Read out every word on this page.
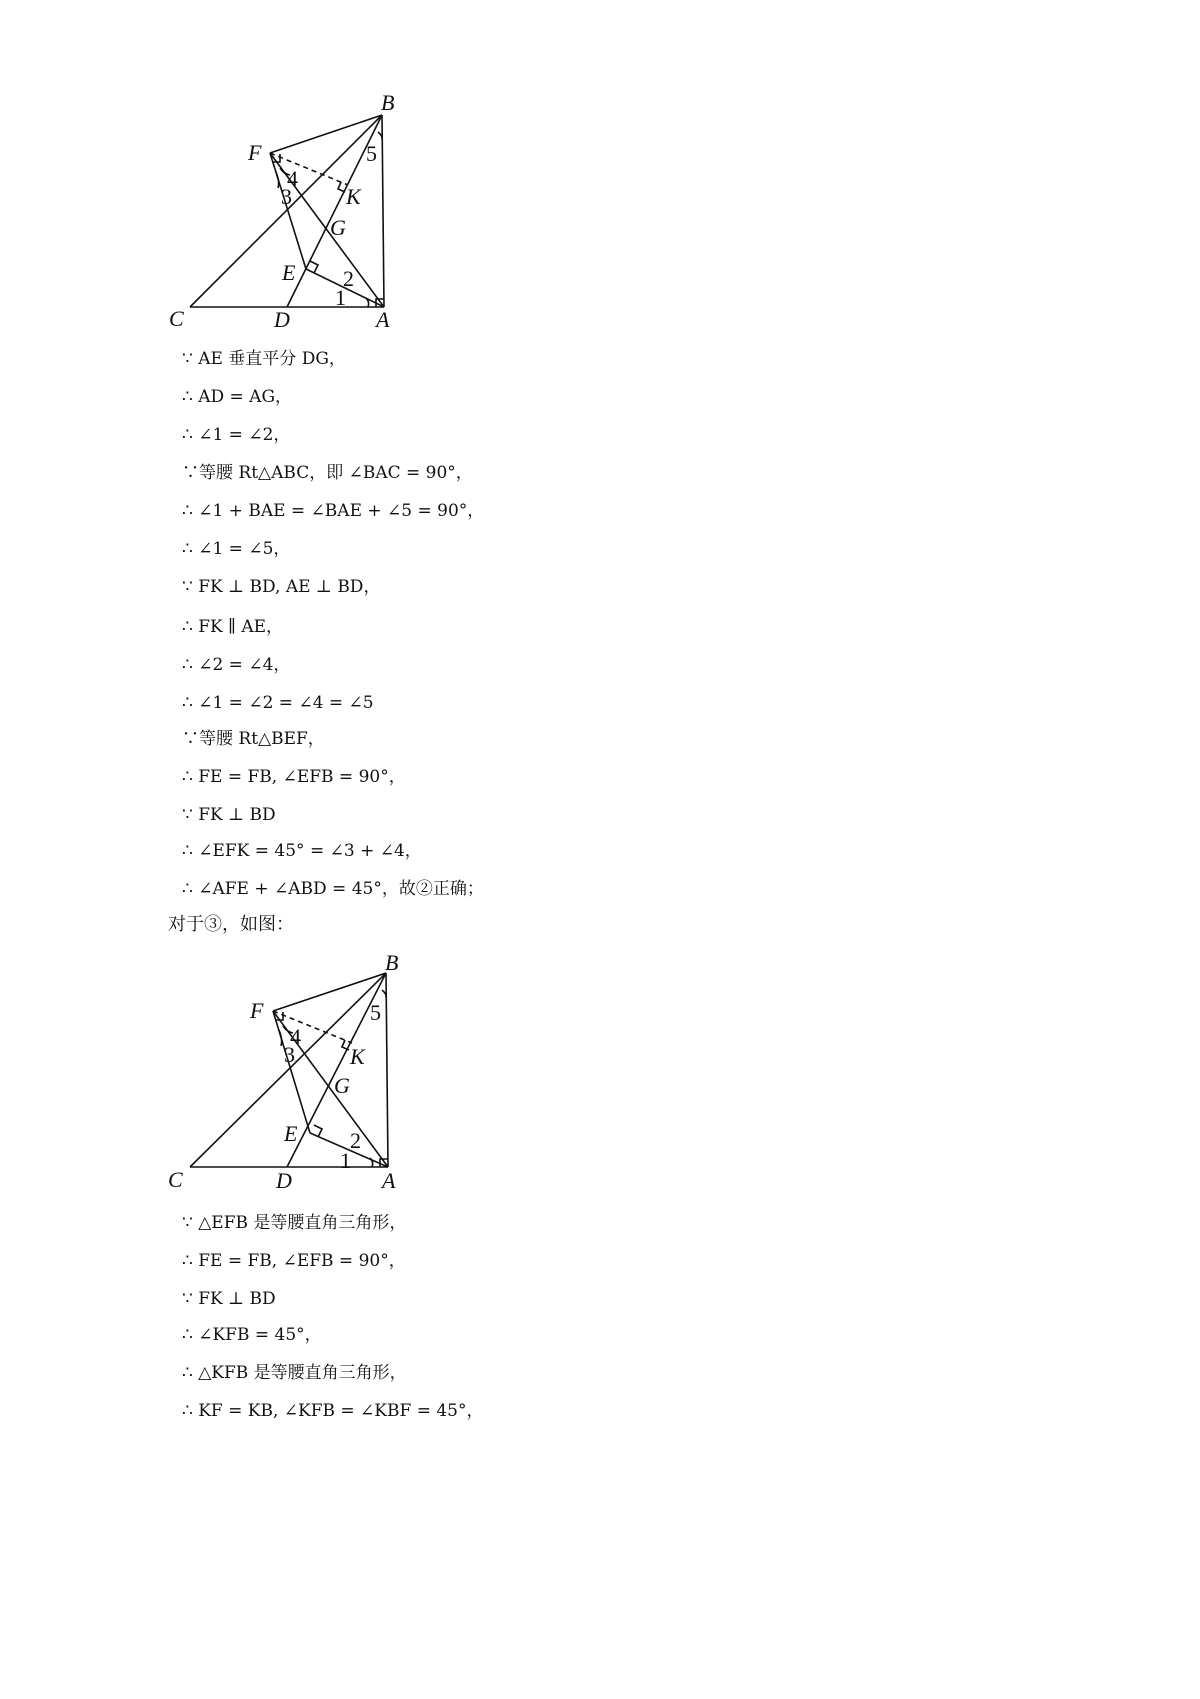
B
F
K
G
E
C	D	A
1
2
3
4
5
∵ AE 垂直平分 DG，
∴ AD = AG，
∴ ∠1 = ∠2，
∵等腰 Rt△ABC，即 ∠BAC = 90°，
∴ ∠1 + BAE = ∠BAE + ∠5 = 90°，
∴ ∠1 = ∠5，
∵ FK ⊥ BD, AE ⊥ BD，
∴ FK ∥ AE，
∴ ∠2 = ∠4，
∴ ∠1 = ∠2 = ∠4 = ∠5
∵等腰 Rt△BEF，
∴ FE = FB, ∠EFB = 90°，
∵ FK ⊥ BD
∴ ∠EFK = 45° = ∠3 + ∠4，
∴ ∠AFE + ∠ABD = 45°，故②正确；
对于③，如图：
B
F
K
G
E
C	D	A
1
2
3
4
5
∵ △EFB 是等腰直角三角形，
∴ FE = FB, ∠EFB = 90°，
∵ FK ⊥ BD
∴ ∠KFB = 45°，
∴ △KFB 是等腰直角三角形，
∴ KF = KB, ∠KFB = ∠KBF = 45°，
